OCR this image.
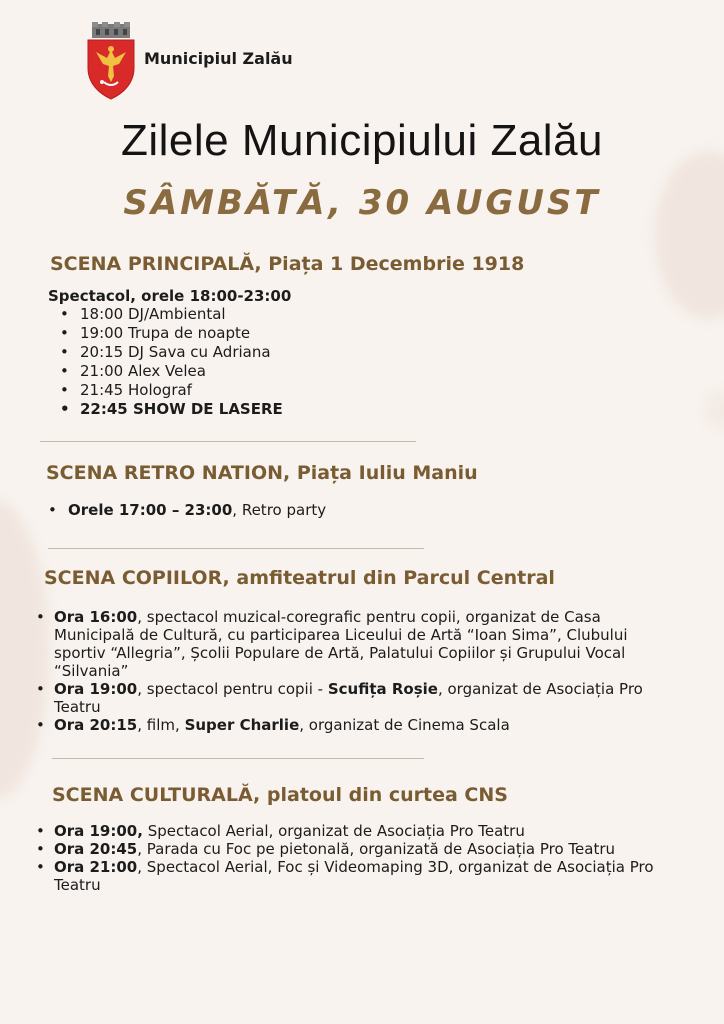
Municipiul Zalău
Zilele Municipiului Zalău
SÂMBĂTĂ, 30 AUGUST
SCENA PRINCIPALĂ, Piața 1 Decembrie 1918

Spectacol, orele 18:00-23:00

• 18:00 DJ/Ambiental
• 19:00 Trupa de noapte
• 20:15 DJ Sava cu Adriana
• 21:00 Alex Velea
• 21:45 Holograf
• 22:45 SHOW DE LASERE
SCENA RETRO NATION, Piața Iuliu Maniu
• Orele 17:00 – 23:00, Retro party
SCENA COPIILOR, amfiteatrul din Parcul Central
• Ora 16:00, spectacol muzical-coregrafic pentru copii, organizat de Casa Municipală de Cultură, cu participarea Liceului de Artă “Ioan Sima”, Clubului sportiv “Allegria”, Școlii Populare de Artă, Palatului Copiilor și Grupului Vocal “Silvania”
• Ora 19:00, spectacol pentru copii - Scufița Roșie, organizat de Asociația Pro Teatru
• Ora 20:15, film, Super Charlie, organizat de Cinema Scala
SCENA CULTURALĂ, platoul din curtea CNS
• Ora 19:00, Spectacol Aerial, organizat de Asociația Pro Teatru
• Ora 20:45, Parada cu Foc pe pietonală, organizată de Asociația Pro Teatru
• Ora 21:00, Spectacol Aerial, Foc și Videomaping 3D, organizat de Asociația Pro Teatru
